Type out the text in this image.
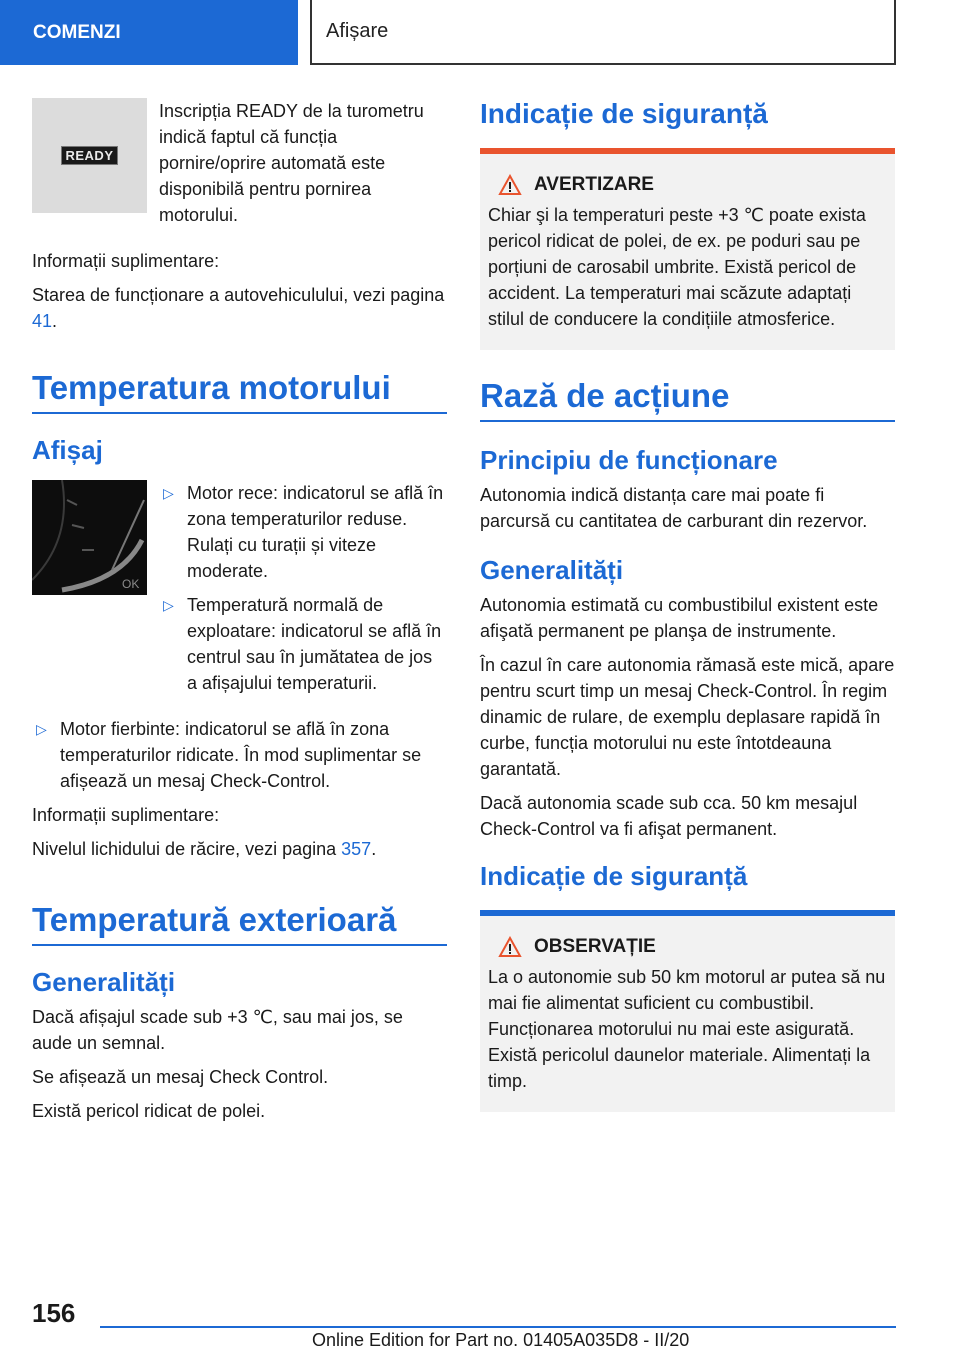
COMENZI	Afișare
READY

Inscripția READY de la turometru indică faptul că funcția pornire/oprire automată este disponibilă pentru pornirea motorului.

Informații suplimentare:

Starea de funcționare a autovehiculului, vezi pagina 41.

Temperatura motorului
Afișaj
OK
▷ Motor rece: indicatorul se află în zona temperaturilor reduse. Rulați cu turații și viteze moderate.
▷ Temperatură normală de exploatare: indicatorul se află în centrul sau în jumătatea de jos a afișajului temperaturii.
▷ Motor fierbinte: indicatorul se află în zona temperaturilor ridicate. În mod suplimentar se afișează un mesaj Check-Control.

Informații suplimentare:

Nivelul lichidului de răcire, vezi pagina 357.

Temperatură exterioară
Generalități

Dacă afișajul scade sub +3 ℃, sau mai jos, se aude un semnal.

Se afișează un mesaj Check Control.

Există pericol ridicat de polei.

Indicație de siguranță
AVERTIZARE

Chiar şi la temperaturi peste +3 ℃ poate exista pericol ridicat de polei, de ex. pe poduri sau pe porțiuni de carosabil umbrite. Există pericol de accident. La temperaturi mai scăzute adaptați stilul de conducere la condițiile atmosferice.

Rază de acțiune
Principiu de funcționare

Autonomia indică distanța care mai poate fi parcursă cu cantitatea de carburant din rezervor.

Generalități

Autonomia estimată cu combustibilul existent este afişată permanent pe planşa de instrumente.

În cazul în care autonomia rămasă este mică, apare pentru scurt timp un mesaj Check-Control. În regim dinamic de rulare, de exemplu deplasare rapidă în curbe, funcția motorului nu este întotdeauna garantată.

Dacă autonomia scade sub cca. 50 km mesajul Check-Control va fi afişat permanent.

Indicație de siguranță
OBSERVAȚIE

La o autonomie sub 50 km motorul ar putea să nu mai fie alimentat suficient cu combustibil. Funcționarea motorului nu mai este asigurată. Există pericolul daunelor materiale. Alimentați la timp.

156
Online Edition for Part no. 01405A035D8 - II/20
